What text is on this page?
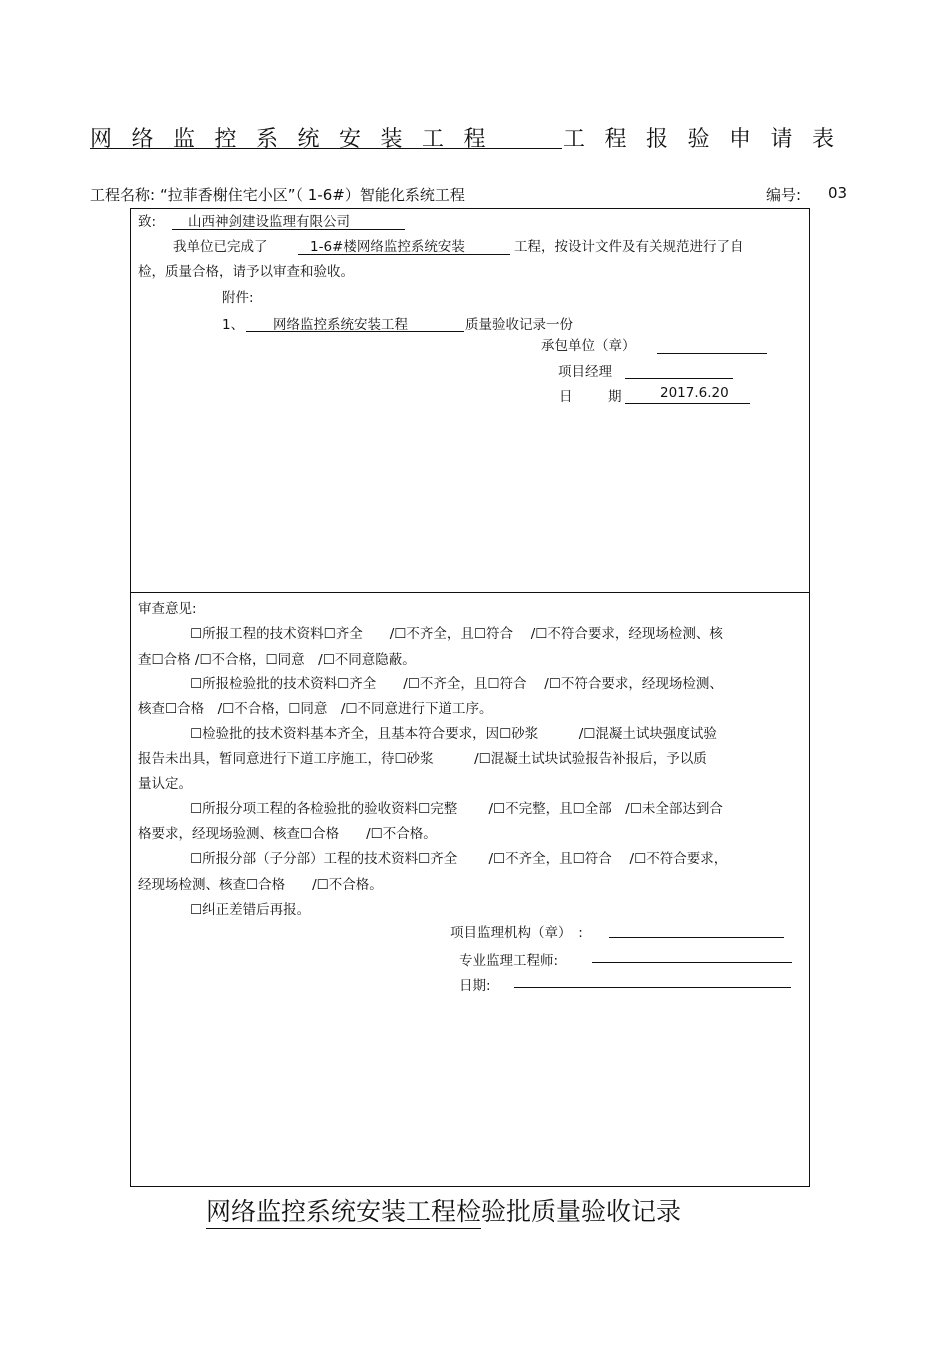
网络监控系统安装工程	工程报验申请表
工程名称: “拉菲香榭住宅小区”（ 1-6#）智能化系统工程	编号: 03
致: 山西神剑建设监理有限公司
我单位已完成了	1-6#楼网络监控系统安装	工程，按设计文件及有关规范进行了自
检，质量合格，请予以审查和验收。
附件:
1、 网络监控系统安装工程	质量验收记录一份
承包单位（章）
项目经理
日	期	2017.6.20
审查意见:
☐所报工程的技术资料☐齐全　　/☐不齐全，且☐符合　 /☐不符合要求，经现场检测、核
查☐合格 /☐不合格，☐同意　/☐不同意隐蔽。
☐所报检验批的技术资料☐齐全　　/☐不齐全，且☐符合　 /☐不符合要求，经现场检测、
核查☐合格　/☐不合格，☐同意　/☐不同意进行下道工序。
☐检验批的技术资料基本齐全，且基本符合要求，因☐砂浆　　　/☐混凝土试块强度试验
报告未出具，暂同意进行下道工序施工，待☐砂浆　　　/☐混凝土试块试验报告补报后，予以质
量认定。
☐所报分项工程的各检验批的验收资料☐完整　　 /☐不完整，且☐全部　/☐未全部达到合
格要求，经现场验测、核查☐合格　　/☐不合格。
☐所报分部（子分部）工程的技术资料☐齐全　　 /☐不齐全，且☐符合　 /☐不符合要求，
经现场检测、核查☐合格　　/☐不合格。
☐纠正差错后再报。
项目监理机构（章）　:
专业监理工程师:
日期:
网络监控系统安装工程检验批质量验收记录
